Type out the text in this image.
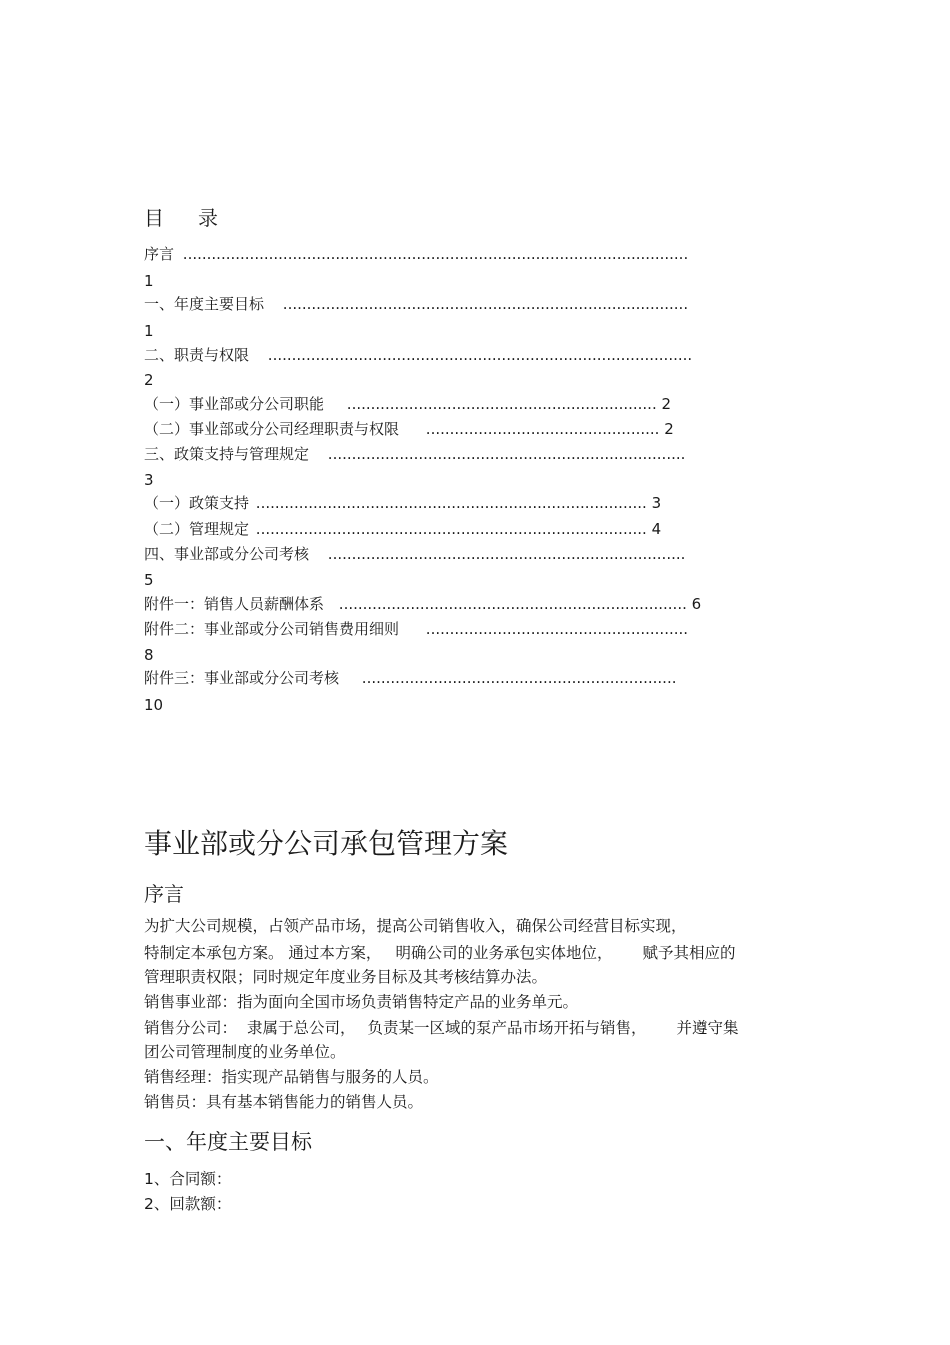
目 录
序言 ..........................................................................................................
1
一、年度主要目标 .....................................................................................
1
二、职责与权限 .........................................................................................
2
（一）事业部或分公司职能 ................................................................. 2
（二）事业部或分公司经理职责与权限 ................................................. 2
三、政策支持与管理规定 ...........................................................................
3
（一）政策支持 .................................................................................. 3
（二）管理规定 .................................................................................. 4
四、事业部或分公司考核 ...........................................................................
5
附件一：销售人员薪酬体系 ......................................................................... 6
附件二：事业部或分公司销售费用细则 .......................................................
8
附件三：事业部或分公司考核 ..................................................................
10
事业部或分公司承包管理方案
序言
为扩大公司规模，占领产品市场，提高公司销售收入，确保公司经营目标实现，
特制定本承包方案。 通过本方案， 明确公司的业务承包实体地位， 赋予其相应的
管理职责权限；同时规定年度业务目标及其考核结算办法。
销售事业部：指为面向全国市场负责销售特定产品的业务单元。
销售分公司： 隶属于总公司， 负责某一区域的泵产品市场开拓与销售， 并遵守集
团公司管理制度的业务单位。
销售经理：指实现产品销售与服务的人员。
销售员：具有基本销售能力的销售人员。
一、年度主要目标
1、合同额：
2、回款额：
